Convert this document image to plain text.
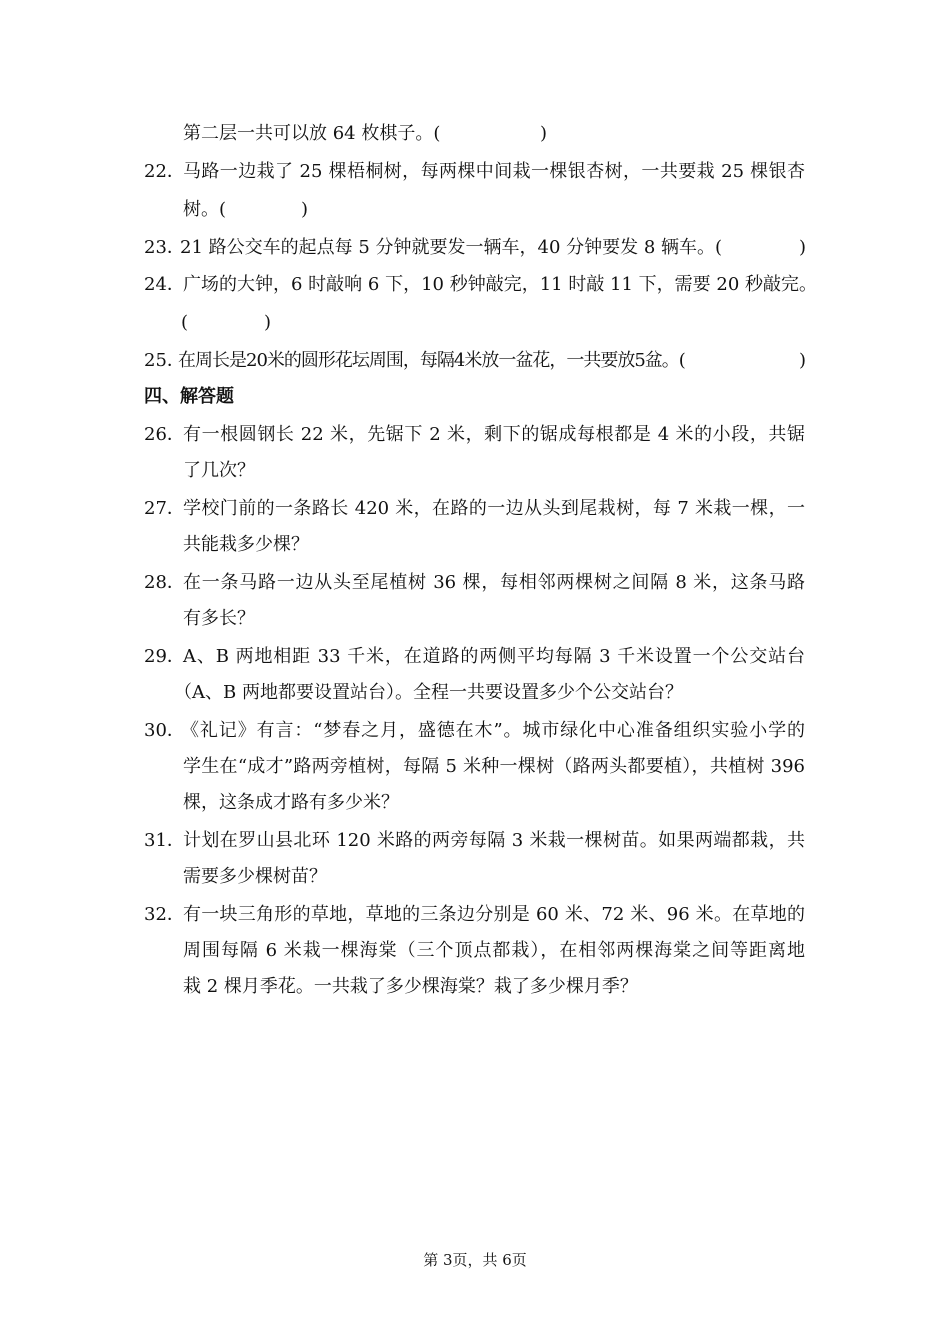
第二层一共可以放 64 枚棋子。(	)
22．
马路一边栽了 25 棵梧桐树，每两棵中间栽一棵银杏树，一共要栽 25 棵银杏
树。(	)
23．
21 路公交车的起点每 5 分钟就要发一辆车，40 分钟要发 8 辆车。(	)
24．
广场的大钟，6 时敲响 6 下，10 秒钟敲完，11 时敲 11 下，需要 20 秒敲完。
(	)
25．
在周长是20米的圆形花坛周围，每隔4米放一盆花，一共要放5盆。(	)
四、解答题
26．
有一根圆钢长 22 米，先锯下 2 米，剩下的锯成每根都是 4 米的小段，共锯
了几次？
27．
学校门前的一条路长 420 米，在路的一边从头到尾栽树，每 7 米栽一棵，一
共能栽多少棵？
28．
在一条马路一边从头至尾植树 36 棵，每相邻两棵树之间隔 8 米，这条马路
有多长？
29．
A、B 两地相距 33 千米，在道路的两侧平均每隔 3 千米设置一个公交站台
（A、B 两地都要设置站台）。全程一共要设置多少个公交站台？
30．
《礼记》有言：“梦春之月，盛德在木”。城市绿化中心准备组织实验小学的
学生在“成才”路两旁植树，每隔 5 米种一棵树（路两头都要植），共植树 396
棵，这条成才路有多少米？
31．
计划在罗山县北环 120 米路的两旁每隔 3 米栽一棵树苗。如果两端都栽，共
需要多少棵树苗？
32．
有一块三角形的草地，草地的三条边分别是 60 米、72 米、96 米。在草地的
周围每隔 6 米栽一棵海棠（三个顶点都栽），在相邻两棵海棠之间等距离地
栽 2 棵月季花。一共栽了多少棵海棠？栽了多少棵月季？
第 3页，共 6页
